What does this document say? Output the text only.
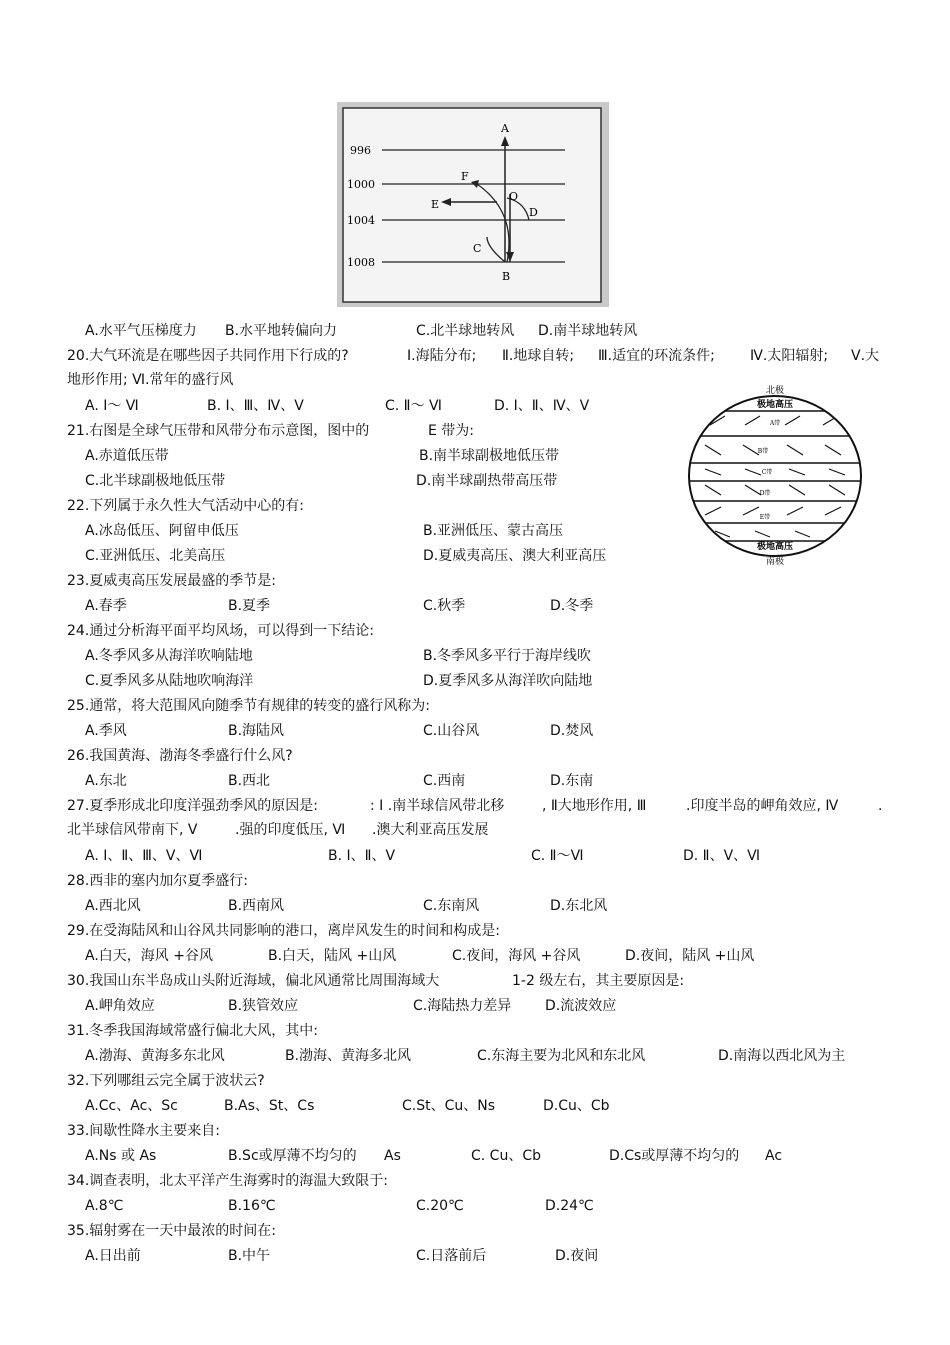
996
1000
1004
1008
A
B
C
D
E
F
O
A.水平气压梯度力 B.水平地转偏向力	C.北半球地转风 D.南半球地转风
20.大气环流是在哪些因子共同作用下行成的?	Ⅰ.海陆分布; Ⅱ.地球自转; Ⅲ.适宜的环流条件;	Ⅳ.太阳辐射; Ⅴ.大
地形作用; Ⅵ.常年的盛行风
A. Ⅰ～ Ⅵ	B. Ⅰ、Ⅲ、Ⅳ、Ⅴ	C. Ⅱ～ Ⅵ	D. Ⅰ、Ⅱ、Ⅳ、Ⅴ
北极
极地高压
A带
B带
C带
D带
E带
极地高压
南极
21.右图是全球气压带和风带分布示意图，图中的	E 带为:
A.赤道低压带	B.南半球副极地低压带
C.北半球副极地低压带	D.南半球副热带高压带
22.下列属于永久性大气活动中心的有:
A.冰岛低压、阿留申低压	B.亚洲低压、蒙古高压
C.亚洲低压、北美高压	D.夏威夷高压、澳大利亚高压
23.夏威夷高压发展最盛的季节是:
A.春季	B.夏季	C.秋季	D.冬季
24.通过分析海平面平均风场，可以得到一下结论:
A.冬季风多从海洋吹响陆地	B.冬季风多平行于海岸线吹
C.夏季风多从陆地吹响海洋	D.夏季风多从海洋吹向陆地
25.通常，将大范围风向随季节有规律的转变的盛行风称为:
A.季风	B.海陆风	C.山谷风	D.焚风
26.我国黄海、渤海冬季盛行什么风?
A.东北	B.西北	C.西南	D.东南
27.夏季形成北印度洋强劲季风的原因是:	: Ⅰ .南半球信风带北移	, Ⅱ大地形作用, Ⅲ	.印度半岛的岬角效应, Ⅳ	.
北半球信风带南下, Ⅴ	.强的印度低压, Ⅵ .澳大利亚高压发展
A. Ⅰ、Ⅱ、Ⅲ、Ⅴ、Ⅵ	B. Ⅰ、Ⅱ、Ⅴ	C. Ⅱ～Ⅵ	D. Ⅱ、Ⅴ、Ⅵ
28.西非的塞内加尔夏季盛行:
A.西北风	B.西南风	C.东南风	D.东北风
29.在受海陆风和山谷风共同影响的港口，离岸风发生的时间和构成是:
A.白天，海风 +谷风	B.白天，陆风 +山风	C.夜间，海风 +谷风	D.夜间，陆风 +山风
30.我国山东半岛成山头附近海域，偏北风通常比周围海域大	1-2 级左右，其主要原因是:
A.岬角效应	B.狭管效应	C.海陆热力差异 D.流波效应
31.冬季我国海域常盛行偏北大风，其中:
A.渤海、黄海多东北风	B.渤海、黄海多北风	C.东海主要为北风和东北风	D.南海以西北风为主
32.下列哪组云完全属于波状云?
A.Cc、Ac、Sc	B.As、St、Cs	C.St、Cu、Ns	D.Cu、Cb
33.间歇性降水主要来自:
A.Ns 或 As	B.Sc或厚薄不均匀的 As	C. Cu、Cb	D.Cs或厚薄不均匀的 Ac
34.调查表明，北太平洋产生海雾时的海温大致限于:
A.8℃	B.16℃	C.20℃	D.24℃
35.辐射雾在一天中最浓的时间在:
A.日出前	B.中午	C.日落前后	D.夜间
